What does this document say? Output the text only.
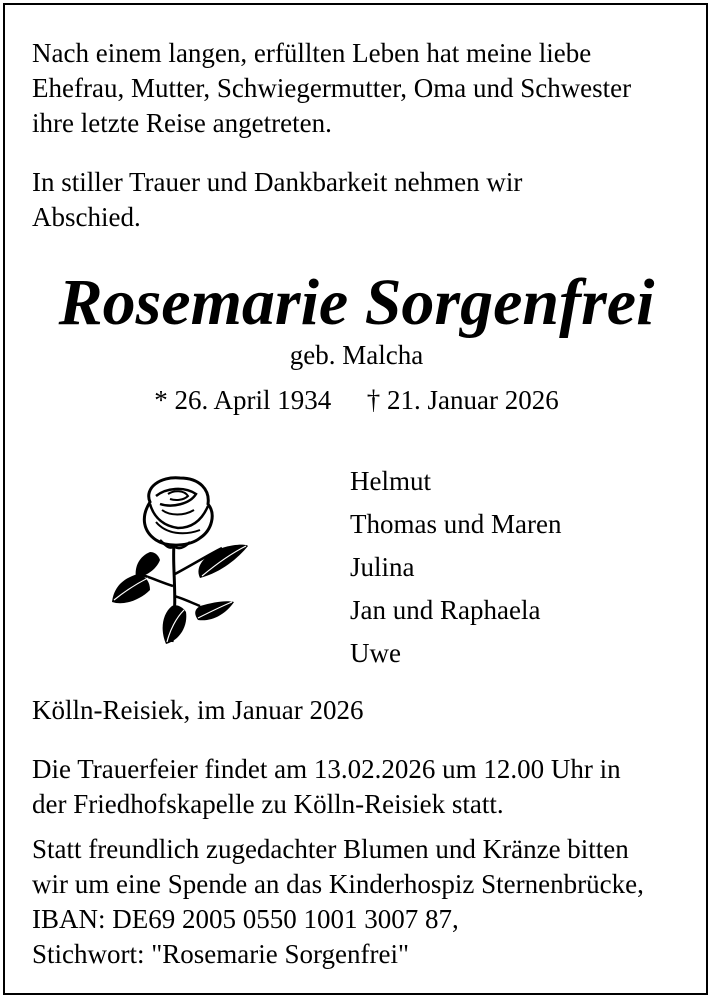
Nach einem langen, erfüllten Leben hat meine liebe

Ehefrau, Mutter, Schwiegermutter, Oma und Schwester

ihre letzte Reise angetreten.

In stiller Trauer und Dankbarkeit nehmen wir

Abschied.

Rosemarie Sorgenfrei

geb. Malcha

* 26. April 1934 † 21. Januar 2026
Helmut
Thomas und Maren
Julina
Jan und Raphaela
Uwe

Kölln-Reisiek, im Januar 2026

Die Trauerfeier findet am 13.02.2026 um 12.00 Uhr in

der Friedhofskapelle zu Kölln-Reisiek statt.

Statt freundlich zugedachter Blumen und Kränze bitten

wir um eine Spende an das Kinderhospiz Sternenbrücke,

IBAN: DE69 2005 0550 1001 3007 87,

Stichwort: "Rosemarie Sorgenfrei"
